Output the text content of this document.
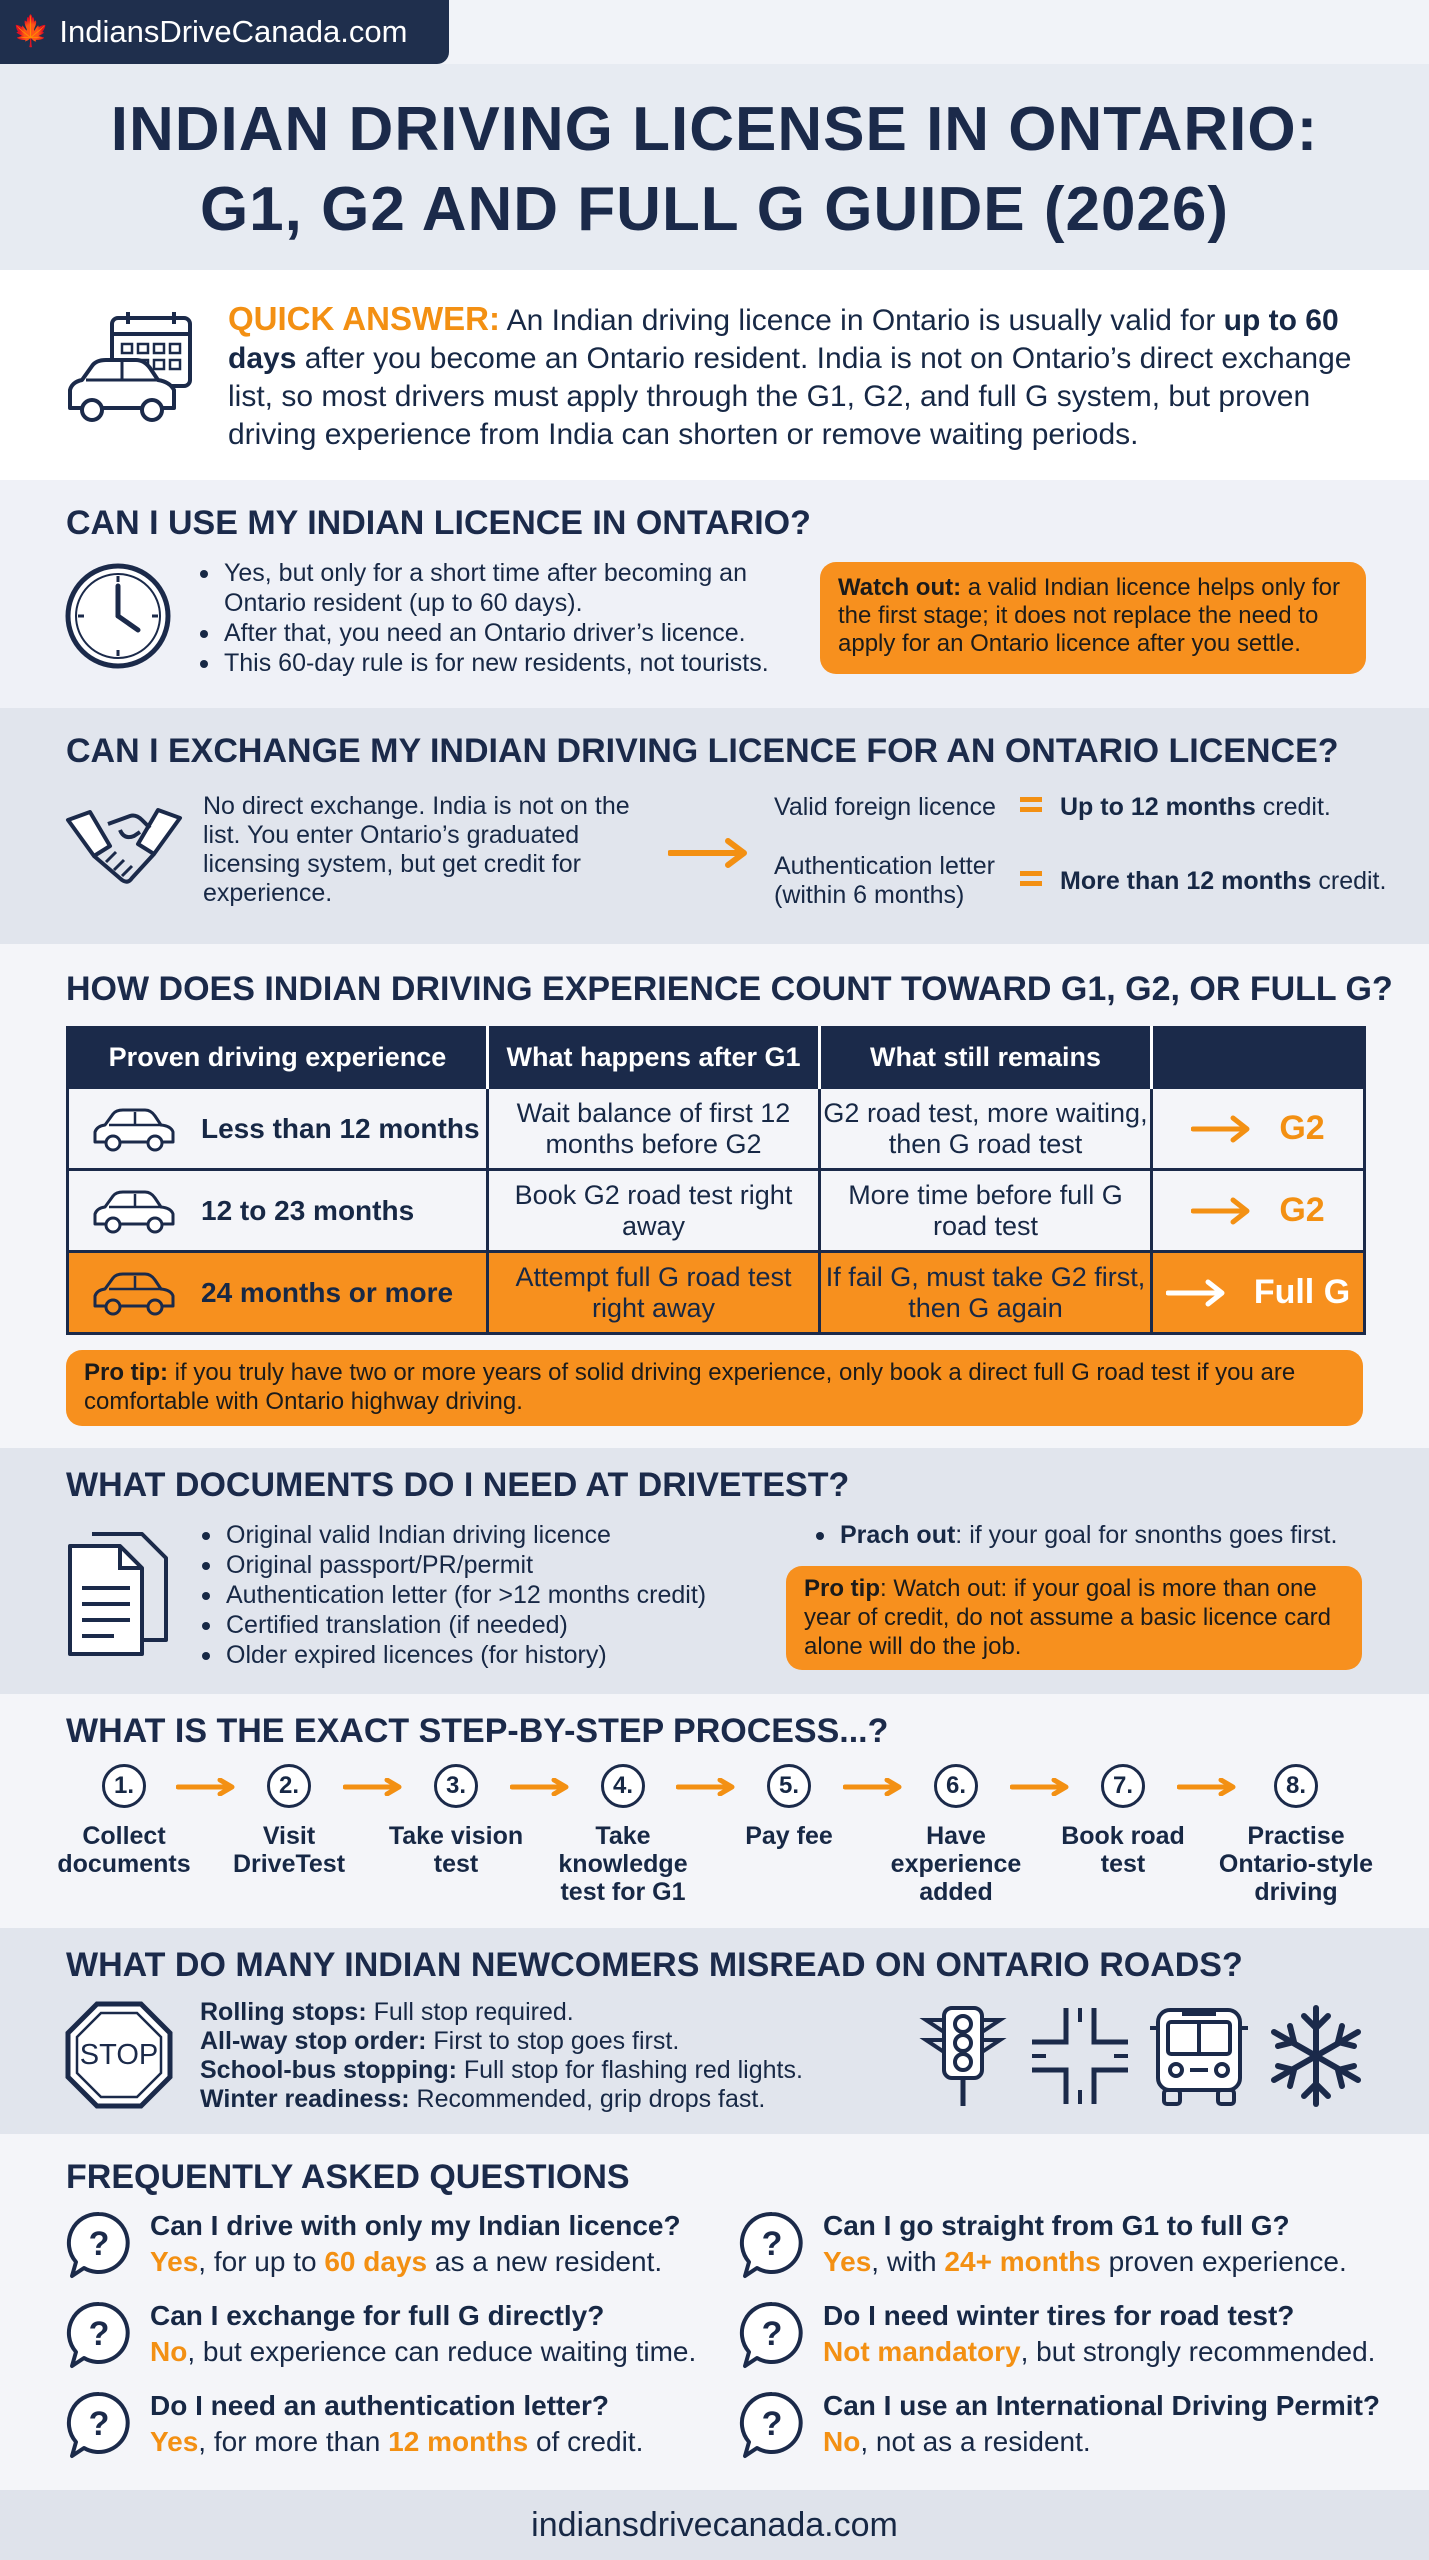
🍁 IndiansDriveCanada.com
INDIAN DRIVING LICENSE IN ONTARIO:
G1, G2 AND FULL G GUIDE (2026)
QUICK ANSWER: An Indian driving licence in Ontario is usually valid for up to 60 days after you become an Ontario resident. India is not on Ontario’s direct exchange list, so most drivers must apply through the G1, G2, and full G system, but proven driving experience from India can shorten or remove waiting periods.
CAN I USE MY INDIAN LICENCE IN ONTARIO?
Yes, but only for a short time after becoming an Ontario resident (up to 60 days).
After that, you need an Ontario driver’s licence.
This 60-day rule is for new residents, not tourists.
Watch out: a valid Indian licence helps only for the first stage; it does not replace the need to apply for an Ontario licence after you settle.
CAN I EXCHANGE MY INDIAN DRIVING LICENCE FOR AN ONTARIO LICENCE?
No direct exchange. India is not on the list. You enter Ontario’s graduated licensing system, but get credit for experience.
Valid foreign licence	Up to 12 months credit.
Authentication letter (within 6 months)	More than 12 months credit.
HOW DOES INDIAN DRIVING EXPERIENCE COUNT TOWARD G1, G2, OR FULL G?
Proven driving experience	What happens after G1	What still remains	

Less than 12 months	Wait balance of first 12 months before G2	G2 road test, more waiting, then G road test	G2

12 to 23 months	Book G2 road test right away	More time before full G road test	G2

24 months or more	Attempt full G road test right away	If fail G, must take G2 first, then G again	Full G
Pro tip: if you truly have two or more years of solid driving experience, only book a direct full G road test if you are comfortable with Ontario highway driving.
WHAT DOCUMENTS DO I NEED AT DRIVETEST?
Original valid Indian driving licence
Original passport/PR/permit
Authentication letter (for >12 months credit)
Certified translation (if needed)
Older expired licences (for history)
Prach out: if your goal for snonths goes first.
Pro tip: Watch out: if your goal is more than one year of credit, do not assume a basic licence card alone will do the job.
WHAT IS THE EXACT STEP-BY-STEP PROCESS...?
1.
Collect documents
2.
Visit DriveTest
3.
Take vision test
4.
Take knowledge test for G1
5.
Pay fee
6.
Have experience added
7.
Book road test
8.
Practise Ontario-style driving
WHAT DO MANY INDIAN NEWCOMERS MISREAD ON ONTARIO ROADS?
STOP
Rolling stops: Full stop required.
All-way stop order: First to stop goes first.
School-bus stopping: Full stop for flashing red lights.
Winter readiness: Recommended, grip drops fast.
FREQUENTLY ASKED QUESTIONS
? Can I drive with only my Indian licence?
Yes, for up to 60 days as a new resident.	? Can I go straight from G1 to full G?
Yes, with 24+ months proven experience.
? Can I exchange for full G directly?
No, but experience can reduce waiting time. ? Do I need winter tires for road test?
Not mandatory, but strongly recommended.
? Do I need an authentication letter?
Yes, for more than 12 months of credit.	? Can I use an International Driving Permit?
No, not as a resident.
indiansdrivecanada.com
